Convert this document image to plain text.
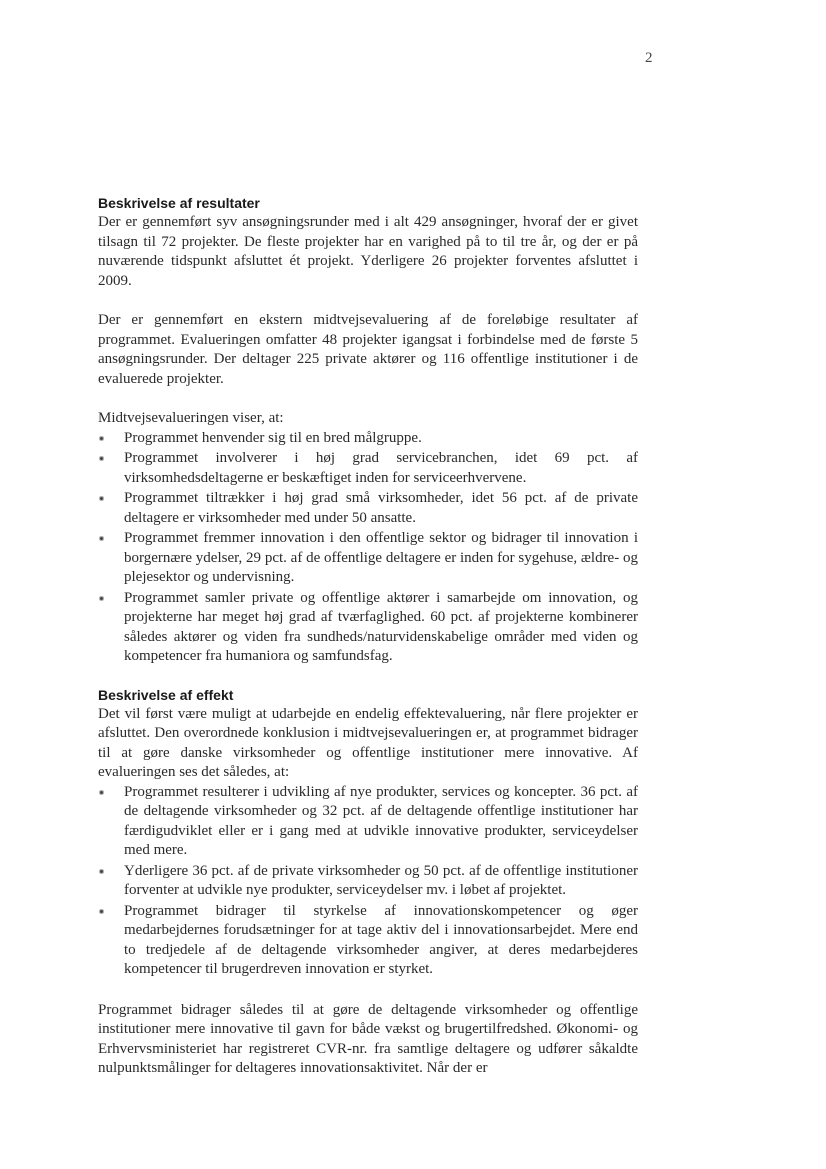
2
Beskrivelse af resultater

Der er gennemført syv ansøgningsrunder med i alt 429 ansøgninger, hvoraf der er givet tilsagn til 72 projekter. De fleste projekter har en varighed på to til tre år, og der er på nuværende tidspunkt afsluttet ét projekt. Yderligere 26 projekter forventes afsluttet i 2009.

Der er gennemført en ekstern midtvejsevaluering af de foreløbige resultater af programmet. Evalueringen omfatter 48 projekter igangsat i forbindelse med de første 5 ansøgningsrunder. Der deltager 225 private aktører og 116 offentlige institutioner i de evaluerede projekter.

Midtvejsevalueringen viser, at:

Programmet henvender sig til en bred målgruppe.
Programmet involverer i høj grad servicebranchen, idet 69 pct. af virksomhedsdeltagerne er beskæftiget inden for serviceerhvervene.
Programmet tiltrækker i høj grad små virksomheder, idet 56 pct. af de private deltagere er virksomheder med under 50 ansatte.
Programmet fremmer innovation i den offentlige sektor og bidrager til innovation i borgernære ydelser, 29 pct. af de offentlige deltagere er inden for sygehuse, ældre- og plejesektor og undervisning.
Programmet samler private og offentlige aktører i samarbejde om innovation, og projekterne har meget høj grad af tværfaglighed. 60 pct. af projekterne kombinerer således aktører og viden fra sundheds/naturvidenskabelige områder med viden og kompetencer fra humaniora og samfundsfag.
Beskrivelse af effekt

Det vil først være muligt at udarbejde en endelig effektevaluering, når flere projekter er afsluttet. Den overordnede konklusion i midtvejsevalueringen er, at programmet bidrager til at gøre danske virksomheder og offentlige institutioner mere innovative. Af evalueringen ses det således, at:

Programmet resulterer i udvikling af nye produkter, services og koncepter. 36 pct. af de deltagende virksomheder og 32 pct. af de deltagende offentlige institutioner har færdigudviklet eller er i gang med at udvikle innovative produkter, serviceydelser med mere.
Yderligere 36 pct. af de private virksomheder og 50 pct. af de offentlige institutioner forventer at udvikle nye produkter, serviceydelser mv. i løbet af projektet.
Programmet bidrager til styrkelse af innovationskompetencer og øger medarbejdernes forudsætninger for at tage aktiv del i innovationsarbejdet. Mere end to tredjedele af de deltagende virksomheder angiver, at deres medarbejderes kompetencer til brugerdreven innovation er styrket.

Programmet bidrager således til at gøre de deltagende virksomheder og offentlige institutioner mere innovative til gavn for både vækst og brugertilfredshed. Økonomi- og Erhvervsministeriet har registreret CVR-nr. fra samtlige deltagere og udfører såkaldte nulpunktsmålinger for deltageres innovationsaktivitet. Når der er
